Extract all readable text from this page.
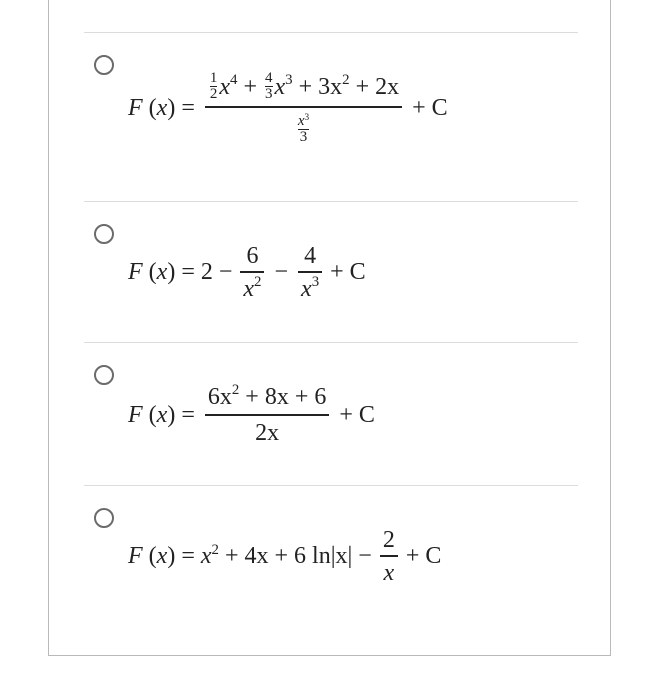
F (x) =
1
2 $x^4 + 4$
3 $x^3 + 3x^2 + 2x$
$x^3$
3
+ C
F $(x) = 2 - \frac{6}{x^2} - \frac{4}{x^3} + C$
F $(x) = \frac{6x^2 + 8x + 6}{2x} + C$
F $(x) = x^2 + 4x + 6$ $\ln|x| - \frac{2}{x} + C$
